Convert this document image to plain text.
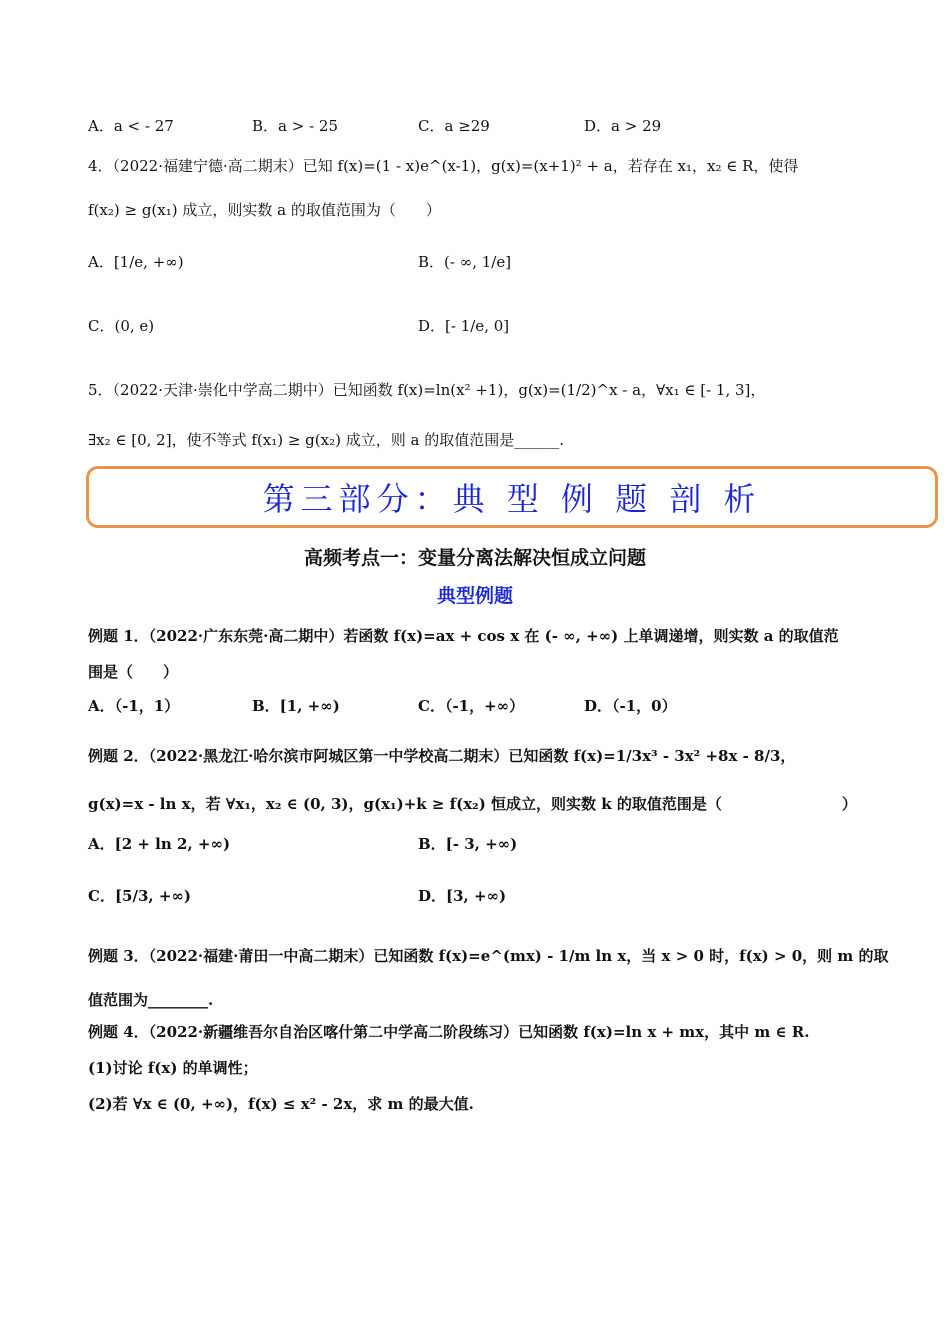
A．a < - 27	B．a > - 25	C．a ≥29	D．a > 29
4．（2022·福建宁德·高二期末）已知 f(x)=(1 - x)e^(x-1)，g(x)=(x+1)² + a，若存在 x₁，x₂ ∈ R，使得
f(x₂) ≥ g(x₁) 成立，则实数 a 的取值范围为（　　）
A．[1/e, +∞)	B．(- ∞, 1/e]
C．(0, e)	D．[- 1/e, 0]
5．（2022·天津·崇化中学高二期中）已知函数 f(x)=ln(x² +1)，g(x)=(1/2)^x - a，∀x₁ ∈ [- 1, 3]，
∃x₂ ∈ [0, 2]，使不等式 f(x₁) ≥ g(x₂) 成立，则 a 的取值范围是______.
第三部分：典 型 例 题 剖 析
高频考点一：变量分离法解决恒成立问题
典型例题
例题 1．（2022·广东东莞·高二期中）若函数 f(x)=ax + cos x 在 (- ∞, +∞) 上单调递增，则实数 a 的取值范
围是（　　）
A．（-1，1）	B．[1, +∞)	C．（-1，+∞）	D．（-1，0）
例题 2．（2022·黑龙江·哈尔滨市阿城区第一中学校高二期末）已知函数 f(x)=1/3x³ - 3x² +8x - 8/3，
g(x)=x - ln x，若 ∀x₁，x₂ ∈ (0, 3)，g(x₁)+k ≥ f(x₂) 恒成立，则实数 k 的取值范围是（　　　　　　　　）
A．[2 + ln 2, +∞)	B．[- 3, +∞)
C．[5/3, +∞)	D．[3, +∞)
例题 3．（2022·福建·莆田一中高二期末）已知函数 f(x)=e^(mx) - 1/m ln x，当 x > 0 时，f(x) > 0，则 m 的取
值范围为________.
例题 4．（2022·新疆维吾尔自治区喀什第二中学高二阶段练习）已知函数 f(x)=ln x + mx，其中 m ∈ R.
(1)讨论 f(x) 的单调性；
(2)若 ∀x ∈ (0, +∞)，f(x) ≤ x² - 2x，求 m 的最大值.
